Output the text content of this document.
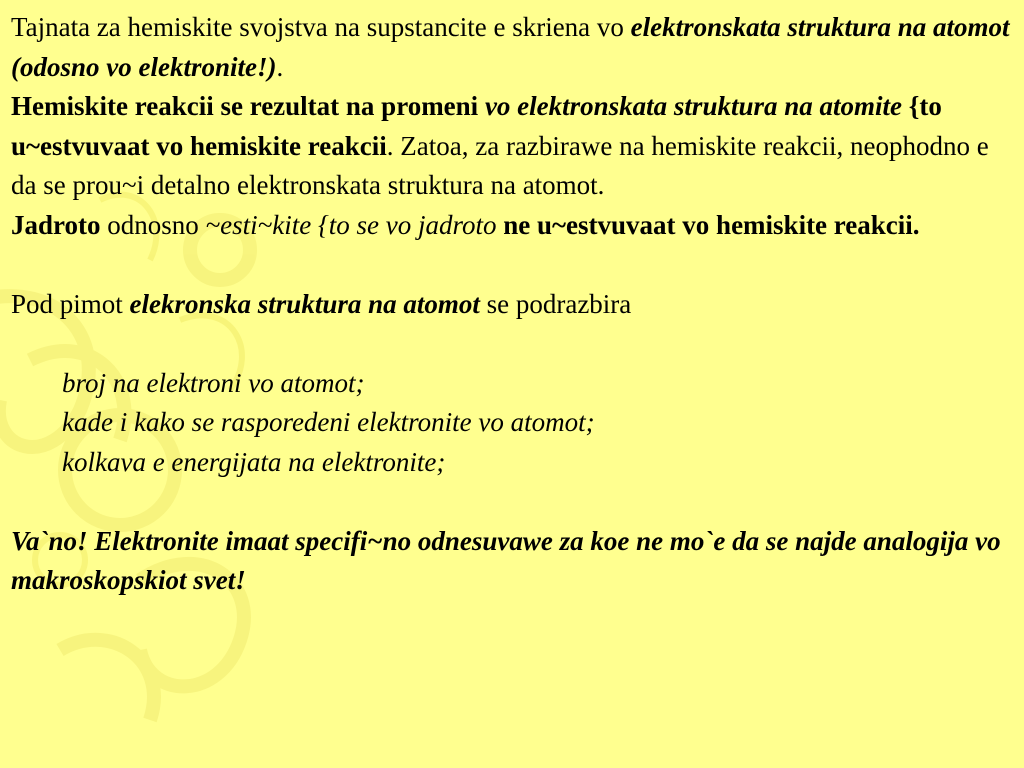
Tajnata za hemiskite svojstva na supstancite e skriena vo elektronskata struktura na atomot (odosno vo elektronite!).

Hemiskite reakcii se rezultat na promeni vo elektronskata struktura na atomite {to u~estvuvaat vo hemiskite reakcii. Zatoa, za razbirawe na hemiskite reakcii, neophodno e da se prou~i detalno elektronskata struktura na atomot.

Jadroto odnosno ~esti~kite {to se vo jadroto ne u~estvuvaat vo hemiskite reakcii.

Pod pimot elekronska struktura na atomot se podrazbira

broj na elektroni vo atomot;

kade i kako se rasporedeni elektronite vo atomot;

kolkava e energijata na elektronite;

Va`no! Elektronite imaat specifi~no odnesuvawe za koe ne mo`e da se najde analogija vo makroskopskiot svet!
